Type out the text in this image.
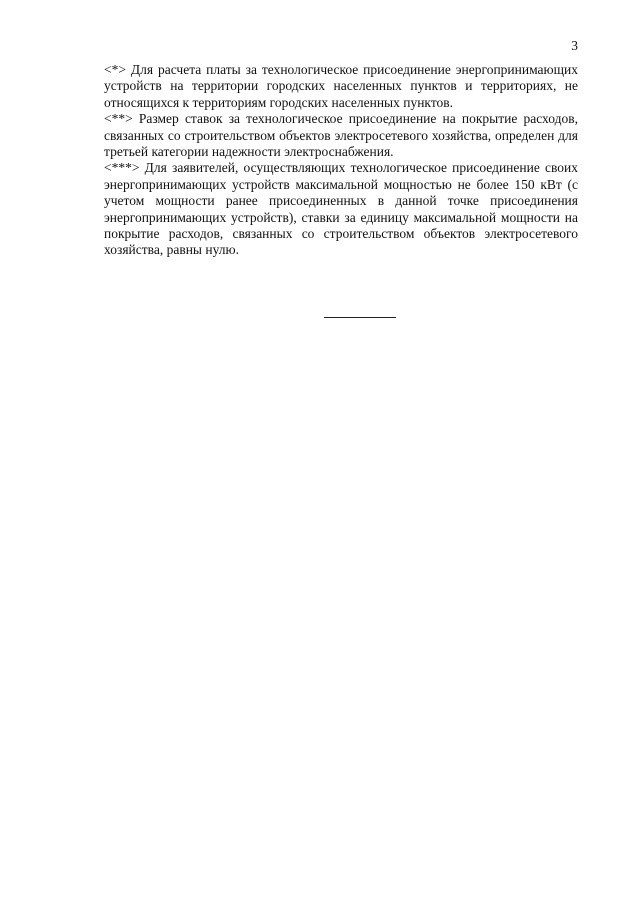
3

<*> Для расчета платы за технологическое присоединение энергопринимающих устройств на территории городских населенных пунктов и территориях, не относящихся к территориям городских населенных пунктов.

<**> Размер ставок за технологическое присоединение на покрытие расходов, связанных со строительством объектов электросетевого хозяйства, определен для третьей категории надежности электроснабжения.

<***> Для заявителей, осуществляющих технологическое присоединение своих энергопринимающих устройств максимальной мощностью не более 150 кВт (с учетом мощности ранее присоединенных в данной точке присоединения энергопринимающих устройств), ставки за единицу максимальной мощности на покрытие расходов, связанных со строительством объектов электросетевого хозяйства, равны нулю.
